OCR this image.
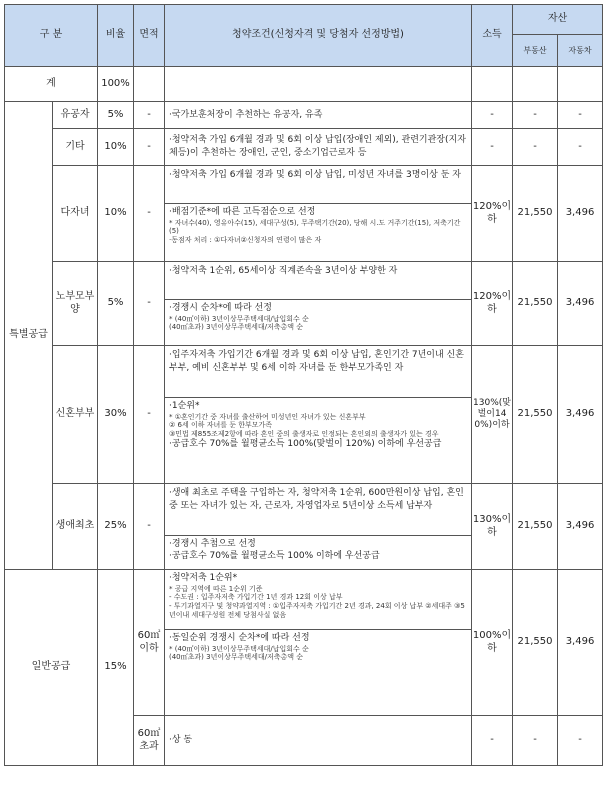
구 분		비율	면적	청약조건(신청자격 및 당첨자 선정방법)	소득	자산	
						부동산	자동차
계		100%					
특별공급	유공자	5%	-	·국가보훈처장이 추천하는 유공자, 유족	-	-	-
	기타	10%	-	·청약저축 가입 6개월 경과 및 6회 이상 납입(장애인 제외), 관련기관장(지자체등)이 추천하는 장애인, 군인, 중소기업근로자 등	-	-	-
	다자녀	10%	-	·청약저축 가입 6개월 경과 및 6회 이상 납입, 미성년 자녀를 3명이상 둔 자	120%이하	21,550	3,496

				·배점기준*에 따른 고득점순으로 선정
* 자녀수(40), 영유아수(15), 세대구성(5), 무주택기간(20), 당해 시.도 거주기간(15), 저축기간(5)
·동점자 처리 : ①다자녀②신청자의 연령이 많은 자			

	노부모부양	5%	-	·청약저축 1순위, 65세이상 직계존속을 3년이상 부양한 자	120%이하	21,550	3,496

				·경쟁시 순차*에 따라 선정
* (40㎡이하) 3년이상무주택세대/납입회수 순
(40㎡초과) 3년이상무주택세대/저축총액 순			

	신혼부부	30%	-	·입주자저축 가입기간 6개월 경과 및 6회 이상 납입, 혼인기간 7년이내 신혼부부, 예비 신혼부부 및 6세 이하 자녀를 둔 한부모가족인 자	130%(맞벌이140%)이하	21,550	3,496

				·1순위*
* ①혼인기간 중 자녀를 출산하여 미성년인 자녀가 있는 신혼부부
② 6세 이하 자녀를 둔 한부모가족
③민법 제855조제2항에 따라 혼인 중의 출생자로 인정되는 혼인외의 출생자가 있는 경우
·공급호수 70%를 월평균소득 100%(맞벌이 120%) 이하에 우선공급			

	생애최초	25%	-	·생애 최초로 주택을 구입하는 자, 청약저축 1순위, 600만원이상 납입, 혼인중 또는 자녀가 있는 자, 근로자, 자영업자로 5년이상 소득세 납부자	130%이하	21,550	3,496

				·경쟁시 추첨으로 선정
·공급호수 70%를 월평균소득 100% 이하에 우선공급			

일반공급		15%	60㎡이하	·청약저축 1순위*
* 공급 지역에 따른 1순위 기준
- 수도권 : 입주자저축 가입기간 1년 경과 12회 이상 납부
- 투기과열지구 및 청약과열지역 : ①입주자저축 가입기간 2년 경과, 24회 이상 납부 ②세대주 ③5년이내 세대구성원 전체 당첨사실 없음	100%이하	21,550	3,496

				·동일순위 경쟁시 순차*에 따라 선정
* (40㎡이하) 3년이상무주택세대/납입회수 순
(40㎡초과) 3년이상무주택세대/저축총액 순			

			60㎡초과	·상 동	-	-	-
